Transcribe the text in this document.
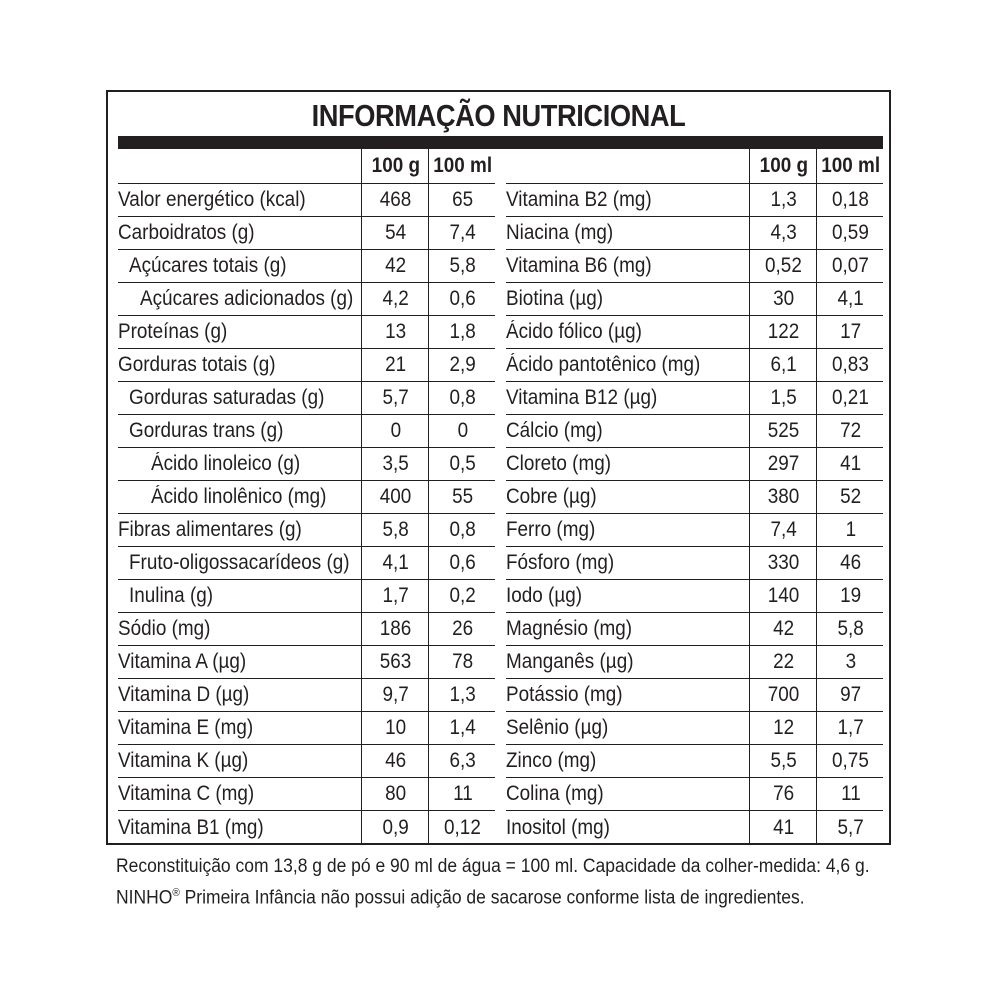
INFORMAÇÃO NUTRICIONAL
100 g 100 ml
Valor energético (kcal)	468 65
Carboidratos (g)	54 7,4
Açúcares totais (g)	42 5,8
Açúcares adicionados (g) 4,2 0,6
Proteínas (g)	13 1,8
Gorduras totais (g)	21 2,9
Gorduras saturadas (g)	5,7 0,8
Gorduras trans (g)	0	0
Ácido linoleico (g)	3,5 0,5
Ácido linolênico (mg)	400 55
Fibras alimentares (g)	5,8 0,8
Fruto-oligossacarídeos (g) 4,1 0,6
Inulina (g)	1,7 0,2
Sódio (mg)	186 26
Vitamina A (µg)	563 78
Vitamina D (µg)	9,7 1,3
Vitamina E (mg)	10 1,4
Vitamina K (µg)	46 6,3
Vitamina C (mg)	80 11
Vitamina B1 (mg)	0,9 0,12
100 g 100 ml
Vitamina B2 (mg)	1,3 0,18
Niacina (mg)	4,3 0,59
Vitamina B6 (mg)	0,52 0,07
Biotina (µg)	30 4,1
Ácido fólico (µg)	122 17
Ácido pantotênico (mg)	6,1 0,83
Vitamina B12 (µg)	1,5 0,21
Cálcio (mg)	525 72
Cloreto (mg)	297 41
Cobre (µg)	380 52
Ferro (mg)	7,4 1
Fósforo (mg)	330 46
Iodo (µg)	140 19
Magnésio (mg)	42 5,8
Manganês (µg)	22 3
Potássio (mg)	700 97
Selênio (µg)	12 1,7
Zinco (mg)	5,5 0,75
Colina (mg)	76 11
Inositol (mg)	41 5,7
Reconstituição com 13,8 g de pó e 90 ml de água = 100 ml. Capacidade da colher-medida: 4,6 g.
NINHO® Primeira Infância não possui adição de sacarose conforme lista de ingredientes.
